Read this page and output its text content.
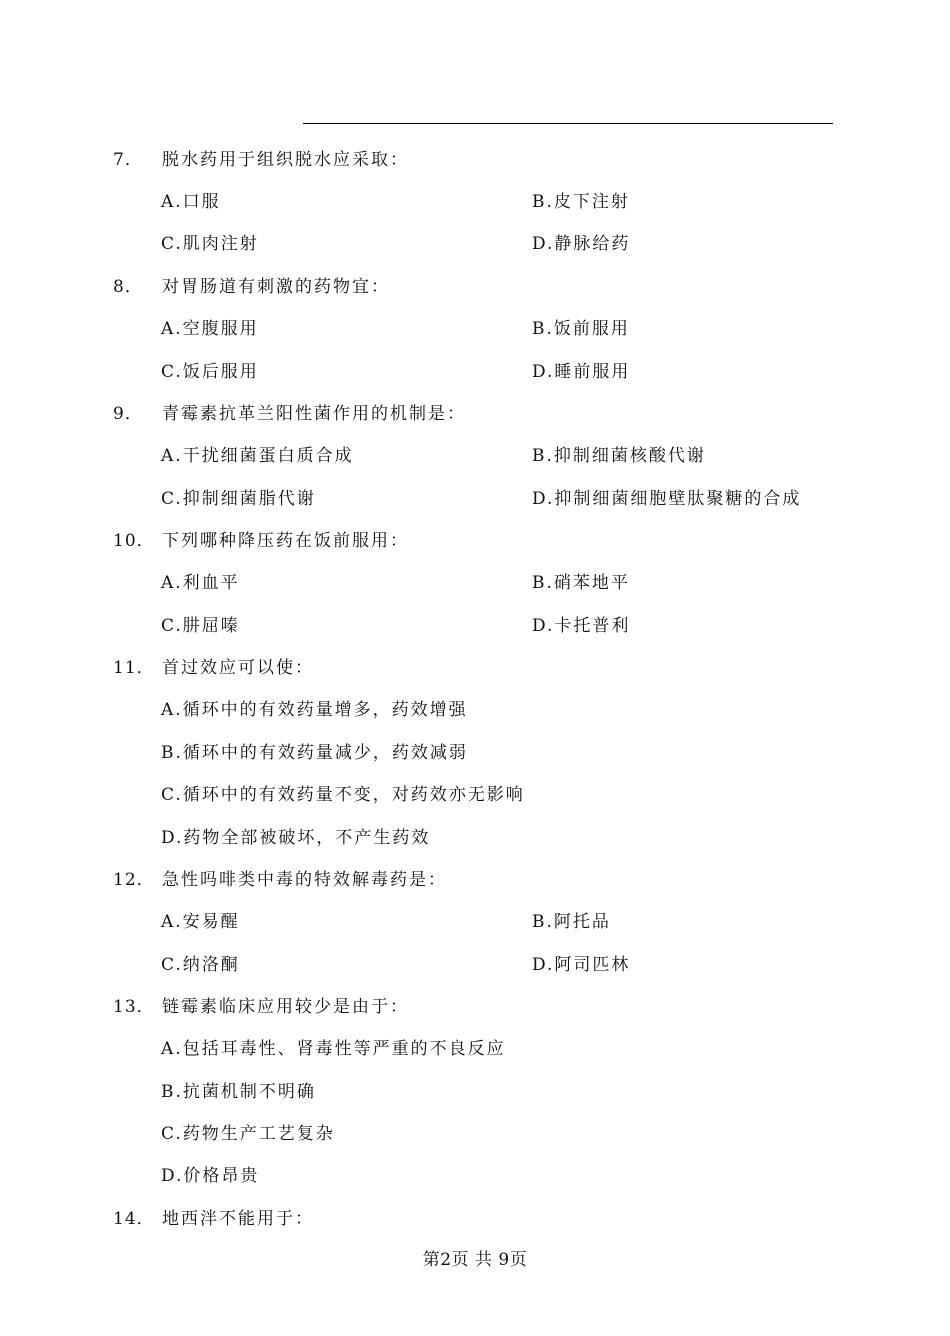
7． 脱水药用于组织脱水应采取：
A.口服	B.皮下注射
C.肌肉注射	D.静脉给药
8． 对胃肠道有刺激的药物宜：
A.空腹服用	B.饭前服用
C.饭后服用	D.睡前服用
9． 青霉素抗革兰阳性菌作用的机制是：
A.干扰细菌蛋白质合成	B.抑制细菌核酸代谢
C.抑制细菌脂代谢	D.抑制细菌细胞壁肽聚糖的合成
10． 下列哪种降压药在饭前服用：
A.利血平	B.硝苯地平
C.肼屈嗪	D.卡托普利
11． 首过效应可以使：
A.循环中的有效药量增多，药效增强
B.循环中的有效药量减少，药效减弱
C.循环中的有效药量不变，对药效亦无影响
D.药物全部被破坏，不产生药效
12． 急性吗啡类中毒的特效解毒药是：
A.安易醒	B.阿托品
C.纳洛酮	D.阿司匹林
13． 链霉素临床应用较少是由于：
A.包括耳毒性、肾毒性等严重的不良反应
B.抗菌机制不明确
C.药物生产工艺复杂
D.价格昂贵
14． 地西泮不能用于：
第2页 共 9页
